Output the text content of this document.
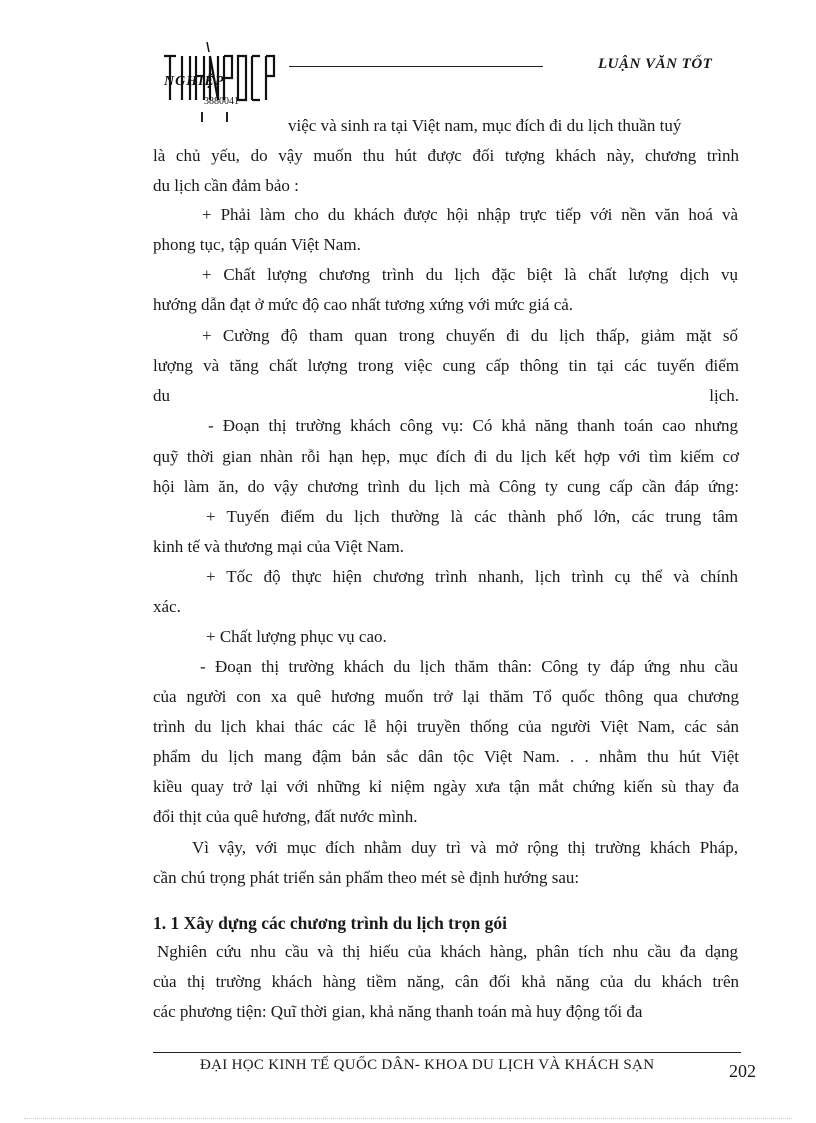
NGHIỆP
3880041
LUẬN VĂN TỐT
việc và sinh ra tại Việt nam, mục đích đi du lịch thuần tuý
là chủ yếu, do vậy muốn thu hút được đối tượng khách này, chương trình
du lịch cần đảm bảo :
+ Phải làm cho du khách được hội nhập trực tiếp với nền văn hoá và
phong tục, tập quán Việt Nam.
+ Chất lượng chương trình du lịch đặc biệt là chất lượng dịch vụ
hướng dẫn đạt ở mức độ cao nhất tương xứng với mức giá cả.
+ Cường độ tham quan trong chuyến đi du lịch thấp, giảm mặt số
lượng và tăng chất lượng trong việc cung cấp thông tin tại các tuyến điểm
du lịch.
- Đoạn thị trường khách công vụ: Có khả năng thanh toán cao nhưng
quỹ thời gian nhàn rỗi hạn hẹp, mục đích đi du lịch kết hợp với tìm kiếm cơ
hội làm ăn, do vậy chương trình du lịch mà Công ty cung cấp cần đáp ứng:
+ Tuyến điểm du lịch thường là các thành phố lớn, các trung tâm
kinh tế và thương mại của Việt Nam.
+ Tốc độ thực hiện chương trình nhanh, lịch trình cụ thể và chính
xác.
+ Chất lượng phục vụ cao.
- Đoạn thị trường khách du lịch thăm thân: Công ty đáp ứng nhu cầu
của người con xa quê hương muốn trở lại thăm Tổ quốc thông qua chương
trình du lịch khai thác các lễ hội truyền thống của người Việt Nam, các sản
phẩm du lịch mang đậm bản sắc dân tộc Việt Nam. . . nhằm thu hút Việt
kiều quay trở lại với những kỉ niệm ngày xưa tận mắt chứng kiến sù thay đa
đổi thịt của quê hương, đất nước mình.
Vì vậy, với mục đích nhằm duy trì và mở rộng thị trường khách Pháp,
cần chú trọng phát triển sản phẩm theo mét sè định hướng sau:
1. 1 Xây dựng các chương trình du lịch trọn gói
Nghiên cứu nhu cầu và thị hiếu của khách hàng, phân tích nhu cầu đa dạng
của thị trường khách hàng tiềm năng, cân đối khả năng của du khách trên
các phương tiện: Quĩ thời gian, khả năng thanh toán mà huy động tối đa
ĐẠI HỌC KINH TẾ QUỐC DÂN- KHOA DU LỊCH VÀ KHÁCH SẠN	202
